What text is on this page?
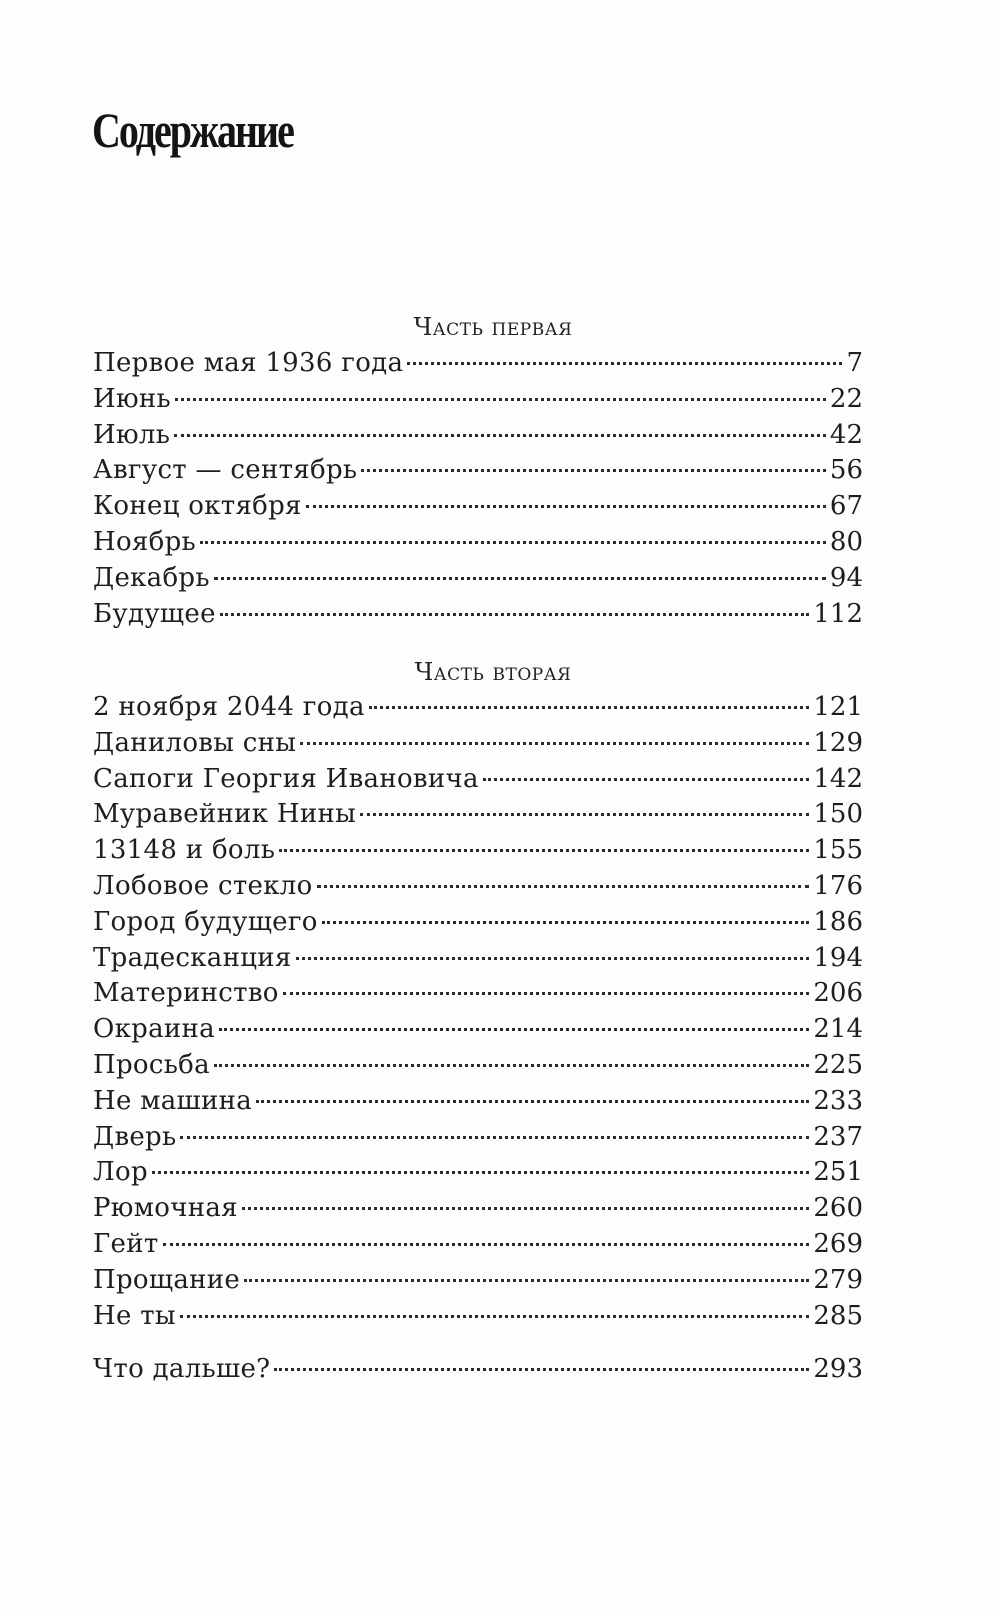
Содержание
Часть первая
Первое мая 1936 года	7
Июнь	22
Июль	42
Август — сентябрь	56
Конец октября	67
Ноябрь	80
Декабрь	94
Будущее	112
Часть вторая
2 ноября 2044 года	121
Даниловы сны	129
Сапоги Георгия Ивановича	142
Муравейник Нины	150
13148 и боль	155
Лобовое стекло	176
Город будущего	186
Традесканция	194
Материнство	206
Окраина	214
Просьба	225
Не машина	233
Дверь	237
Лор	251
Рюмочная	260
Гейт	269
Прощание	279
Не ты	285
Что дальше?	293
